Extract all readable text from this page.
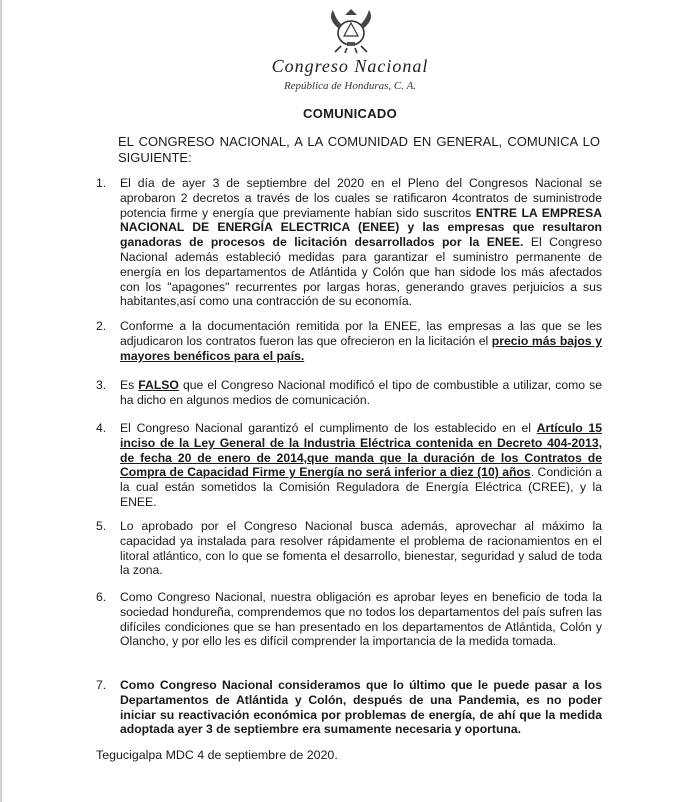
Congreso Nacional
República de Honduras, C. A.
COMUNICADO
EL CONGRESO NACIONAL, A LA COMUNIDAD EN GENERAL, COMUNICA LO SIGUIENTE:
1.	El día de ayer 3 de septiembre del 2020 en el Pleno del Congresos Nacional se aprobaron 2 decretos a través de los cuales se ratificaron 4contratos de suministrodе potencia firme y energía que previamente habían sido suscritos ENTRE LA EMPRESA NACIONAL DE ENERGÍA ELECTRICA (ENEE) y las empresas que resultaron ganadoras de procesos de licitación desarrollados por la ENEE. El Congreso Nacional además estableció medidas para garantizar el suministro permanente de energía en los departamentos de Atlántida y Colón que han sidode los más afectados con los "apagones" recurrentes por largas horas, generando graves perjuicios a sus habitantes,así como una contracción de su economía.
2.	Conforme a la documentación remitida por la ENEE, las empresas a las que se les adjudicaron los contratos fueron las que ofrecieron en la licitación el precio más bajos y mayores benéficos para el país.
3.	Es FALSO que el Congreso Nacional modificó el tipo de combustible a utilizar, como se ha dicho en algunos medios de comunicación.
4.	El Congreso Nacional garantizó el cumplimento de los establecido en el Artículo 15 inciso de la Ley General de la Industria Eléctrica contenida en Decreto 404-2013, de fecha 20 de enero de 2014,que manda que la duración de los Contratos de Compra de Capacidad Firme y Energía no será inferior a diez (10) años. Condición a la cual están sometidos la Comisión Reguladora de Energía Eléctrica (CREE), y la ENEE.
5.	Lo aprobado por el Congreso Nacional busca además, aprovechar al máximo la capacidad ya instalada para resolver rápidamente el problema de racionamientos en el litoral atlántico, con lo que se fomenta el desarrollo, bienestar, seguridad y salud de toda la zona.
6.	Como Congreso Nacional, nuestra obligación es aprobar leyes en beneficio de toda la sociedad hondureña, comprendemos que no todos los departamentos del país sufren las difíciles condiciones que se han presentado en los departamentos de Atlántida, Colón y Olancho, y por ello les es difícil comprender la importancia de la medida tomada.
7.	Como Congreso Nacional consideramos que lo último que le puede pasar a los Departamentos de Atlántida y Colón, después de una Pandemia, es no poder iniciar su reactivación económica por problemas de energía, de ahí que la medida adoptada ayer 3 de septiembre era sumamente necesaria y oportuna.
Tegucigalpa MDC 4 de septiembre de 2020.
